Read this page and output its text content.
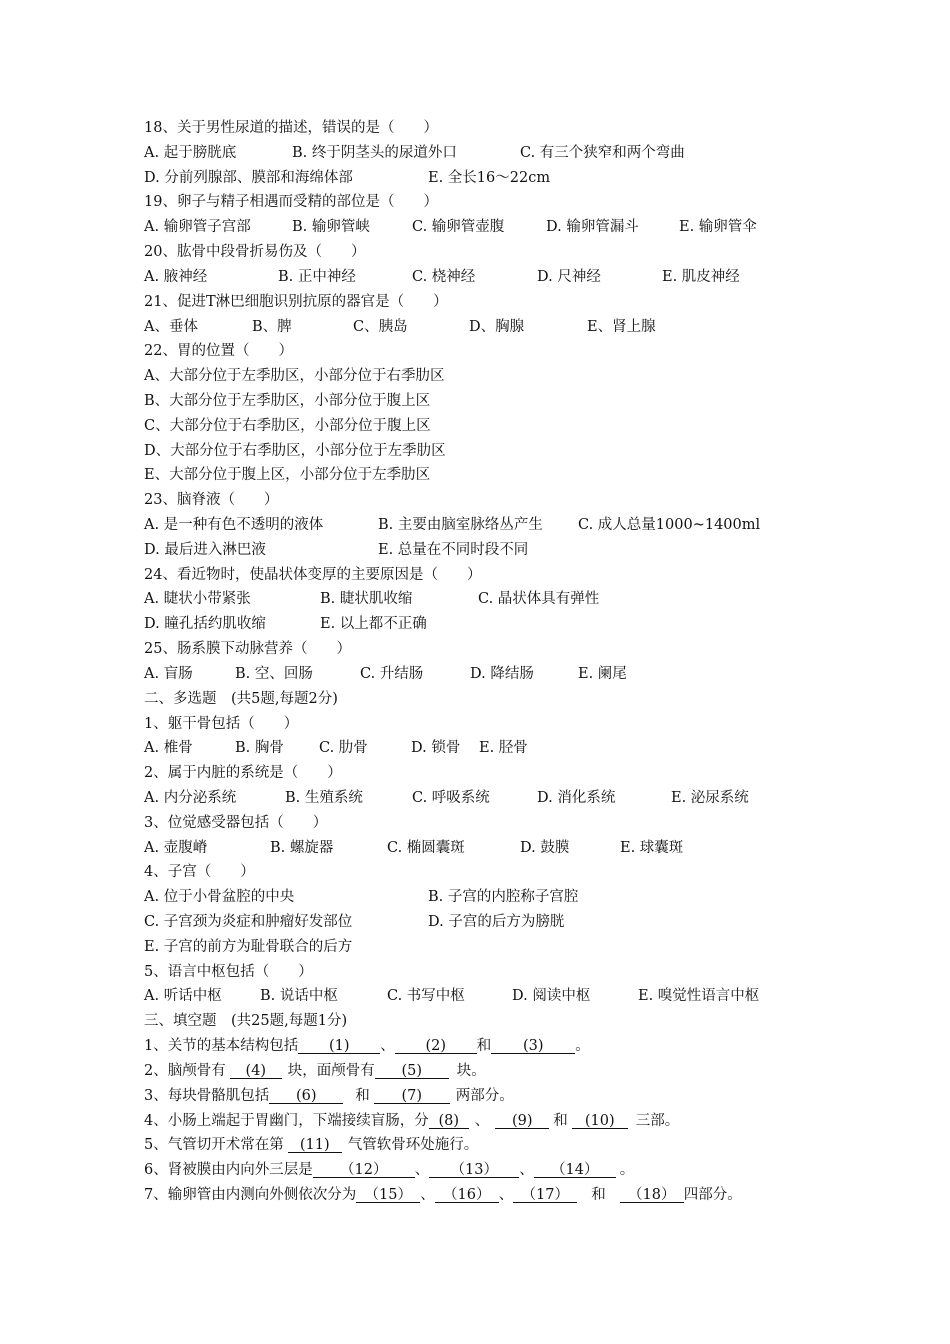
18、关于男性尿道的描述，错误的是（　　）
A. 起于膀胱底	B. 终于阴茎头的尿道外口	C. 有三个狭窄和两个弯曲
D. 分前列腺部、膜部和海绵体部	E. 全长16～22cm
19、卵子与精子相遇而受精的部位是（　　）
A. 输卵管子宫部	B. 输卵管峡	C. 输卵管壶腹	D. 输卵管漏斗	E. 输卵管伞
20、肱骨中段骨折易伤及（　　）
A. 腋神经	B. 正中神经	C. 桡神经	D. 尺神经	E. 肌皮神经
21、促进T淋巴细胞识别抗原的器官是（　　）
A、垂体	B、脾	C、胰岛	D、胸腺	E、肾上腺
22、胃的位置（　　）
A、大部分位于左季肋区，小部分位于右季肋区
B、大部分位于左季肋区，小部分位于腹上区
C、大部分位于右季肋区，小部分位于腹上区
D、大部分位于右季肋区，小部分位于左季肋区
E、大部分位于腹上区，小部分位于左季肋区
23、脑脊液（　　）
A. 是一种有色不透明的液体	B. 主要由脑室脉络丛产生 C. 成人总量1000~1400ml
D. 最后进入淋巴液	E. 总量在不同时段不同
24、看近物时，使晶状体变厚的主要原因是（　　）
A. 睫状小带紧张	B. 睫状肌收缩	C. 晶状体具有弹性
D. 瞳孔括约肌收缩	E. 以上都不正确
25、肠系膜下动脉营养（　　）
A. 盲肠	B. 空、回肠	C. 升结肠	D. 降结肠	E. 阑尾
二、多选题　(共5题,每题2分)
1、躯干骨包括（　　）
A. 椎骨	B. 胸骨 C. 肋骨	D. 锁骨 E. 胫骨
2、属于内脏的系统是（　　）
A. 内分泌系统	B. 生殖系统	C. 呼吸系统	D. 消化系统	E. 泌尿系统
3、位觉感受器包括（　　）
A. 壶腹嵴	B. 螺旋器	C. 椭圆囊斑	D. 鼓膜	E. 球囊斑
4、子宫（　　）
A. 位于小骨盆腔的中央	B. 子宫的内腔称子宫腔
C. 子宫颈为炎症和肿瘤好发部位	D. 子宫的后方为膀胱
E. 子宫的前方为耻骨联合的后方
5、语言中枢包括（　　）
A. 听话中枢	B. 说话中枢	C. 书写中枢	D. 阅读中枢	E. 嗅觉性语言中枢
三、填空题　(共25题,每题1分)
1、关节的基本结构包括 (1) 、 (2) 和 (3) 。
2、脑颅骨有 (4) 块，面颅骨有 (5) 块。
3、每块骨骼肌包括 (6)	和 (7) 两部分。
4、小肠上端起于胃幽门，下端接续盲肠，分 (8) 、 (9) 和 (10) 三部。
5、气管切开术常在第 (11) 气管软骨环处施行。
6、肾被膜由内向外三层是 （12） 、 （13） 、 （14） 。
7、输卵管由内测向外侧依次分为 （15） 、 （16） 、 （17） 和 （18） 四部分。
